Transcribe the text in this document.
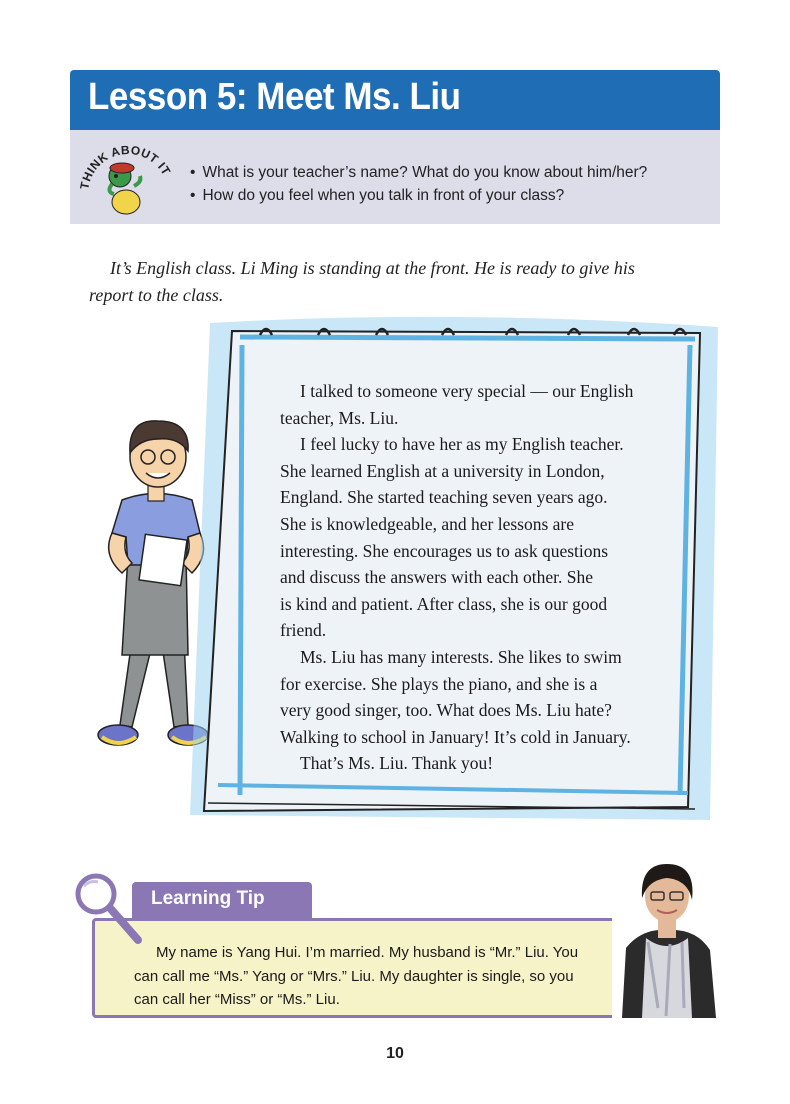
Lesson 5: Meet Ms. Liu
THINK ABOUT IT
•	What is your teacher’s name? What do you know about him/her?
• How do you feel when you talk in front of your class?
It’s English class. Li Ming is standing at the front. He is ready to give his
report to the class.

I talked to someone very special — our English

teacher, Ms. Liu.

I feel lucky to have her as my English teacher.

She learned English at a university in London,

England. She started teaching seven years ago.

She is knowledgeable, and her lessons are

interesting. She encourages us to ask questions

and discuss the answers with each other. She

is kind and patient. After class, she is our good

friend.

Ms. Liu has many interests. She likes to swim

for exercise. She plays the piano, and she is a

very good singer, too. What does Ms. Liu hate?

Walking to school in January! It’s cold in January.

That’s Ms. Liu. Thank you!

Learning Tip
My name is Yang Hui. I’m married. My husband is “Mr.” Liu. You
can call me “Ms.” Yang or “Mrs.” Liu. My daughter is single, so you
can call her “Miss” or “Ms.” Liu.
10
